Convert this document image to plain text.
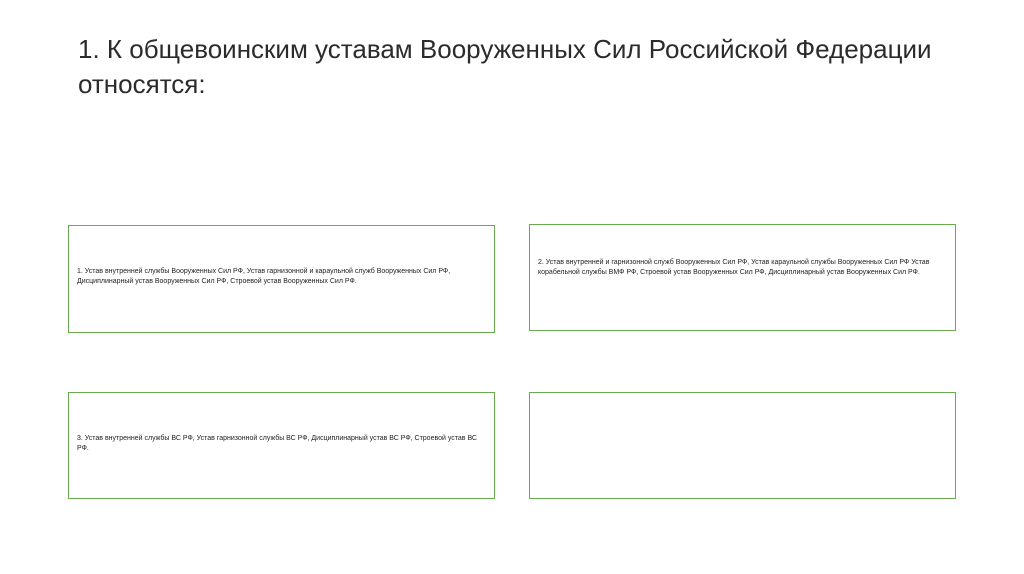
1. К общевоинским уставам Вооруженных Сил Российской Федерации относятся:

1. Устав внутренней службы Вооруженных Сил РФ, Устав гарнизонной и караульной служб Вооруженных Сил РФ, Дисциплинарный устав Вооруженных Сил РФ, Строевой устав Вооруженных Сил РФ.

2. Устав внутренней и гарнизонной служб Вооруженных Сил РФ, Устав караульной службы Вооруженных Сил РФ Устав корабельной службы ВМФ РФ, Строевой устав Вооруженных Сил РФ, Дисциплинарный устав Вооруженных Сил РФ.

3. Устав внутренней службы ВС РФ, Устав гарнизонной службы ВС РФ, Дисциплинарный устав ВС РФ, Строевой устав ВС РФ.
